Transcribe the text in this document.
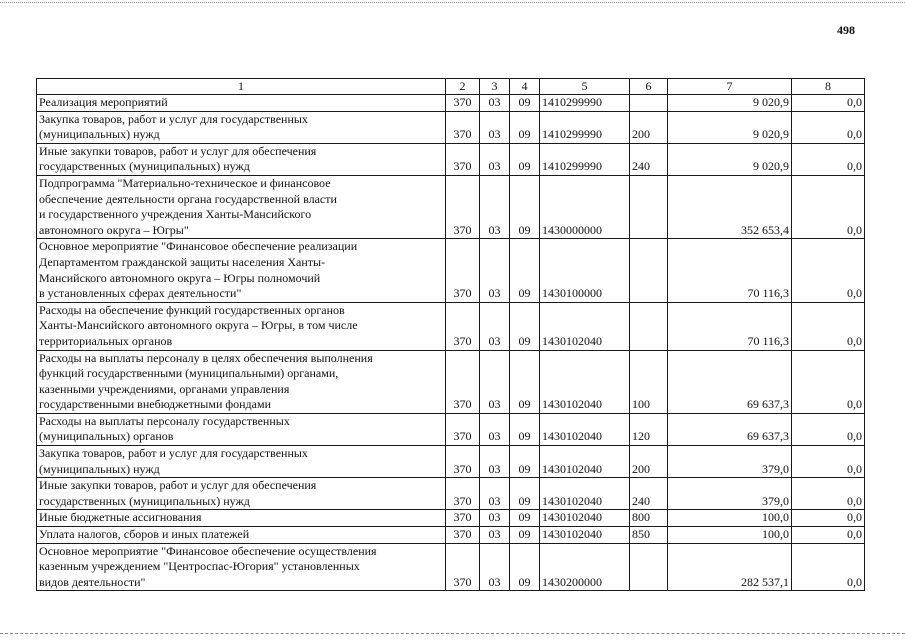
498
1	2	3	4	5	6	7	8
Реализация мероприятий	370	03	09	1410299990		9 020,9	0,0
Закупка товаров, работ и услуг для государственных
(муниципальных) нужд	370	03	09	1410299990	200	9 020,9	0,0
Иные закупки товаров, работ и услуг для обеспечения
государственных (муниципальных) нужд	370	03	09	1410299990	240	9 020,9	0,0
Подпрограмма "Материально-техническое и финансовое
обеспечение деятельности органа государственной власти
и государственного учреждения Ханты-Мансийского
автономного округа – Югры"	370	03	09	1430000000		352 653,4	0,0
Основное мероприятие "Финансовое обеспечение реализации
Департаментом гражданской защиты населения Ханты-
Мансийского автономного округа – Югры полномочий
в установленных сферах деятельности"	370	03	09	1430100000		70 116,3	0,0
Расходы на обеспечение функций государственных органов
Ханты-Мансийского автономного округа – Югры, в том числе
территориальных органов	370	03	09	1430102040		70 116,3	0,0
Расходы на выплаты персоналу в целях обеспечения выполнения
функций государственными (муниципальными) органами,
казенными учреждениями, органами управления
государственными внебюджетными фондами	370	03	09	1430102040	100	69 637,3	0,0
Расходы на выплаты персоналу государственных
(муниципальных) органов	370	03	09	1430102040	120	69 637,3	0,0
Закупка товаров, работ и услуг для государственных
(муниципальных) нужд	370	03	09	1430102040	200	379,0	0,0
Иные закупки товаров, работ и услуг для обеспечения
государственных (муниципальных) нужд	370	03	09	1430102040	240	379,0	0,0
Иные бюджетные ассигнования	370	03	09	1430102040	800	100,0	0,0
Уплата налогов, сборов и иных платежей	370	03	09	1430102040	850	100,0	0,0
Основное мероприятие "Финансовое обеспечение осуществления
казенным учреждением "Центроспас-Югория" установленных
видов деятельности"	370	03	09	1430200000		282 537,1	0,0
